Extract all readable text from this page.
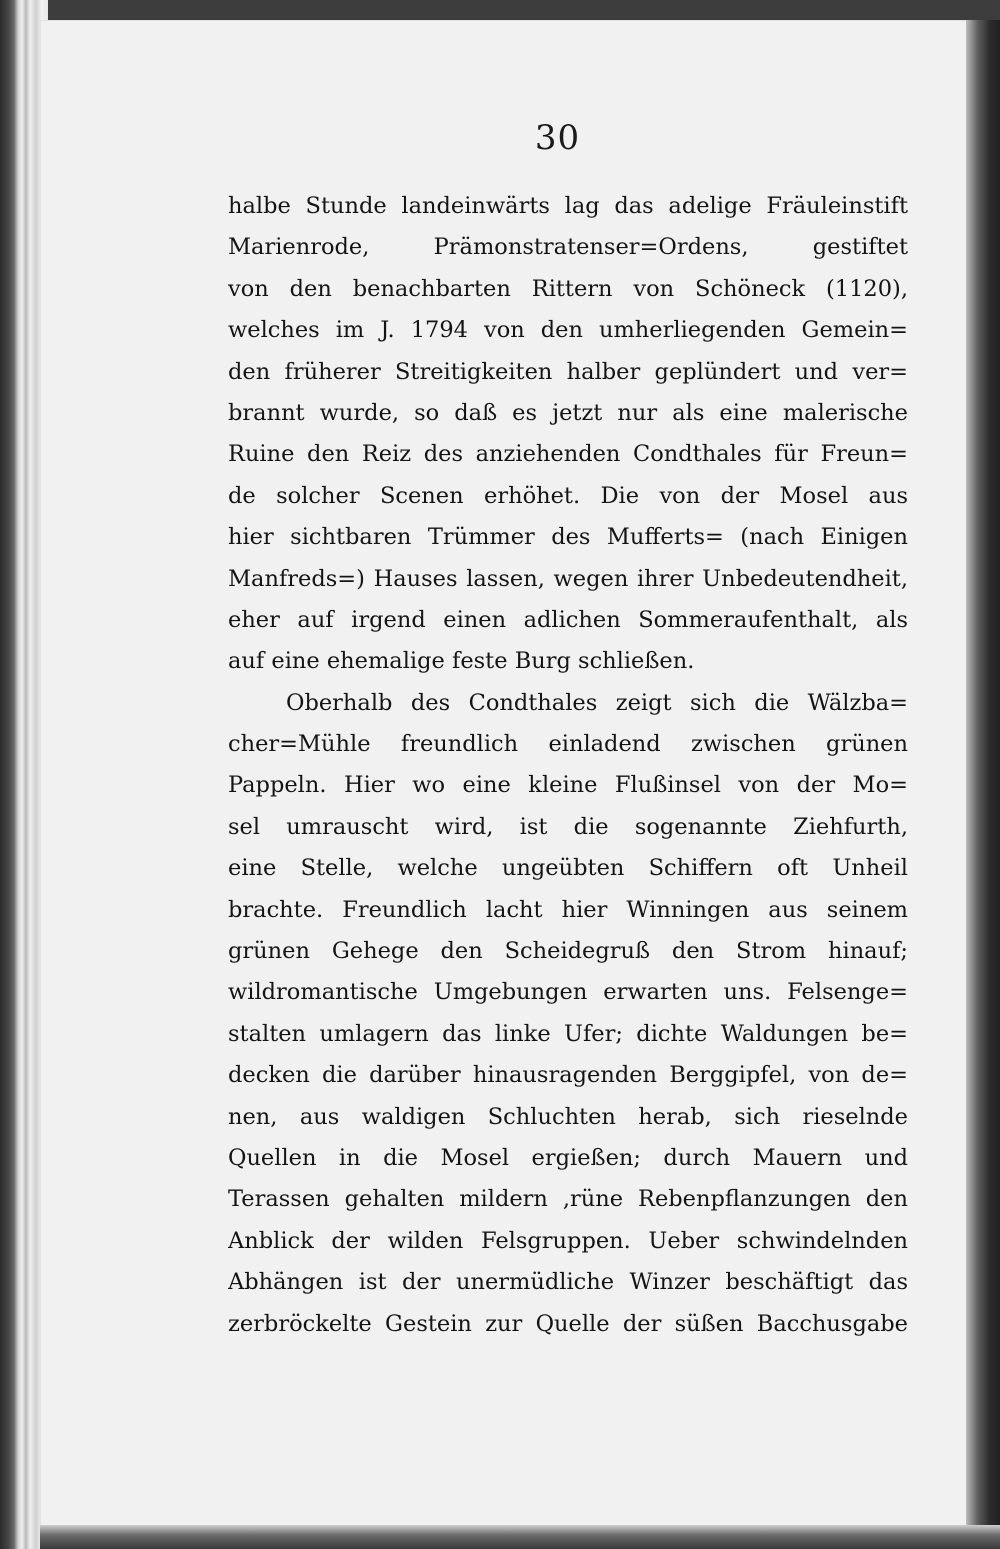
30
halbe Stunde landeinwärts lag das adelige Fräuleinstift
Marienrode, Prämonstratenser=Ordens, gestiftet
von den benachbarten Rittern von Schöneck (1120),
welches im J. 1794 von den umherliegenden Gemein=
den früherer Streitigkeiten halber geplündert und ver=
brannt wurde, so daß es jetzt nur als eine malerische
Ruine den Reiz des anziehenden Condthales für Freun=
de solcher Scenen erhöhet. Die von der Mosel aus
hier sichtbaren Trümmer des Mufferts= (nach Einigen
Manfreds=) Hauses lassen, wegen ihrer Unbedeutendheit,
eher auf irgend einen adlichen Sommeraufenthalt, als
auf eine ehemalige feste Burg schließen.
Oberhalb des Condthales zeigt sich die Wälzba=
cher=Mühle freundlich einladend zwischen grünen
Pappeln. Hier wo eine kleine Flußinsel von der Mo=
sel umrauscht wird, ist die sogenannte Ziehfurth,
eine Stelle, welche ungeübten Schiffern oft Unheil
brachte. Freundlich lacht hier Winningen aus seinem
grünen Gehege den Scheidegruß den Strom hinauf;
wildromantische Umgebungen erwarten uns. Felsenge=
stalten umlagern das linke Ufer; dichte Waldungen be=
decken die darüber hinausragenden Berggipfel, von de=
nen, aus waldigen Schluchten herab, sich rieselnde
Quellen in die Mosel ergießen; durch Mauern und
Terassen gehalten mildern ,rüne Rebenpflanzungen den
Anblick der wilden Felsgruppen. Ueber schwindelnden
Abhängen ist der unermüdliche Winzer beschäftigt das
zerbröckelte Gestein zur Quelle der süßen Bacchusgabe
